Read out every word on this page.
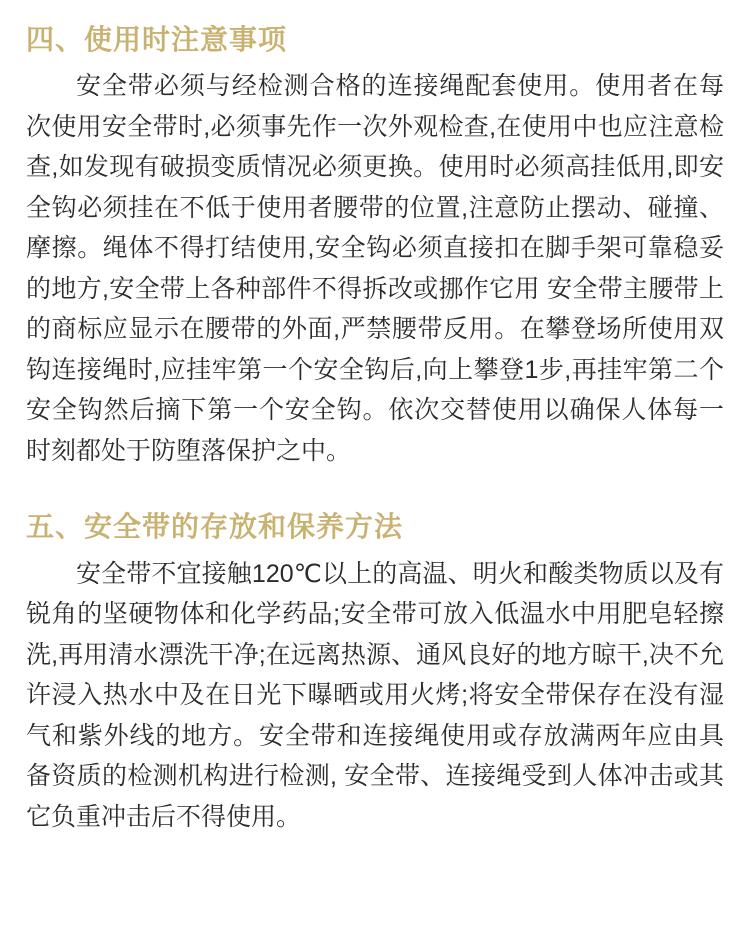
四、使用时注意事项

安全带必须与经检测合格的连接绳配套使用。使用者在每次使用安全带时,必须事先作一次外观检查,在使用中也应注意检查,如发现有破损变质情况必须更换。使用时必须高挂低用,即安全钩必须挂在不低于使用者腰带的位置,注意防止摆动、碰撞、摩擦。绳体不得打结使用,安全钩必须直接扣在脚手架可靠稳妥的地方,安全带上各种部件不得拆改或挪作它用 安全带主腰带上的商标应显示在腰带的外面,严禁腰带反用。在攀登场所使用双钩连接绳时,应挂牢第一个安全钩后,向上攀登1步,再挂牢第二个安全钩然后摘下第一个安全钩。依次交替使用以确保人体每一时刻都处于防堕落保护之中。

五、安全带的存放和保养方法

安全带不宜接触120℃以上的高温、明火和酸类物质以及有锐角的坚硬物体和化学药品;安全带可放入低温水中用肥皂轻擦洗,再用清水漂洗干净;在远离热源、通风良好的地方晾干,决不允许浸入热水中及在日光下曝晒或用火烤;将安全带保存在没有湿气和紫外线的地方。安全带和连接绳使用或存放满两年应由具备资质的检测机构进行检测, 安全带、连接绳受到人体冲击或其它负重冲击后不得使用。
